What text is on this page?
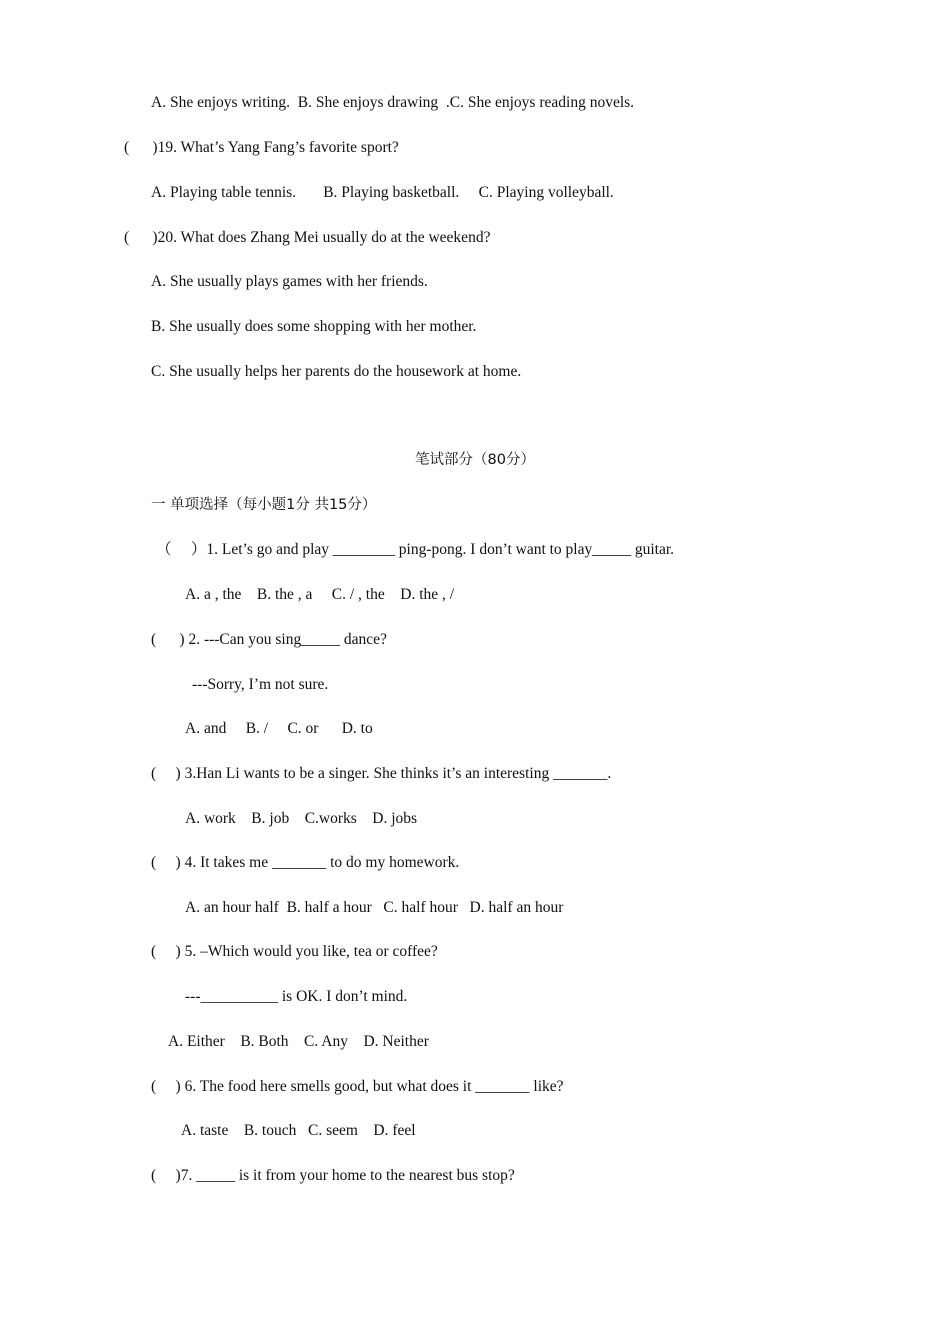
A. She enjoys writing.  B. She enjoys drawing  .C. She enjoys reading novels.
(      )19. What’s Yang Fang’s favorite sport?
A. Playing table tennis.       B. Playing basketball.     C. Playing volleyball.
(      )20. What does Zhang Mei usually do at the weekend?
A. She usually plays games with her friends.
B. She usually does some shopping with her mother.
C. She usually helps her parents do the housework at home.
笔试部分（80分）
一 单项选择（每小题1分 共15分）
（     ）1. Let’s go and play ________ ping-pong. I don’t want to play_____ guitar.
A. a , the    B. the , a     C. / , the    D. the , /
(      ) 2. ---Can you sing_____ dance?
---Sorry, I’m not sure.
A. and     B. /     C. or      D. to
(     ) 3.Han Li wants to be a singer. She thinks it’s an interesting _______.
A. work    B. job    C.works    D. jobs
(     ) 4. It takes me _______ to do my homework.
A. an hour half  B. half a hour   C. half hour   D. half an hour
(     ) 5. –Which would you like, tea or coffee?
---__________ is OK. I don’t mind.
A. Either    B. Both    C. Any    D. Neither
(     ) 6. The food here smells good, but what does it _______ like?
A. taste    B. touch   C. seem    D. feel
(     )7. _____ is it from your home to the nearest bus stop?
